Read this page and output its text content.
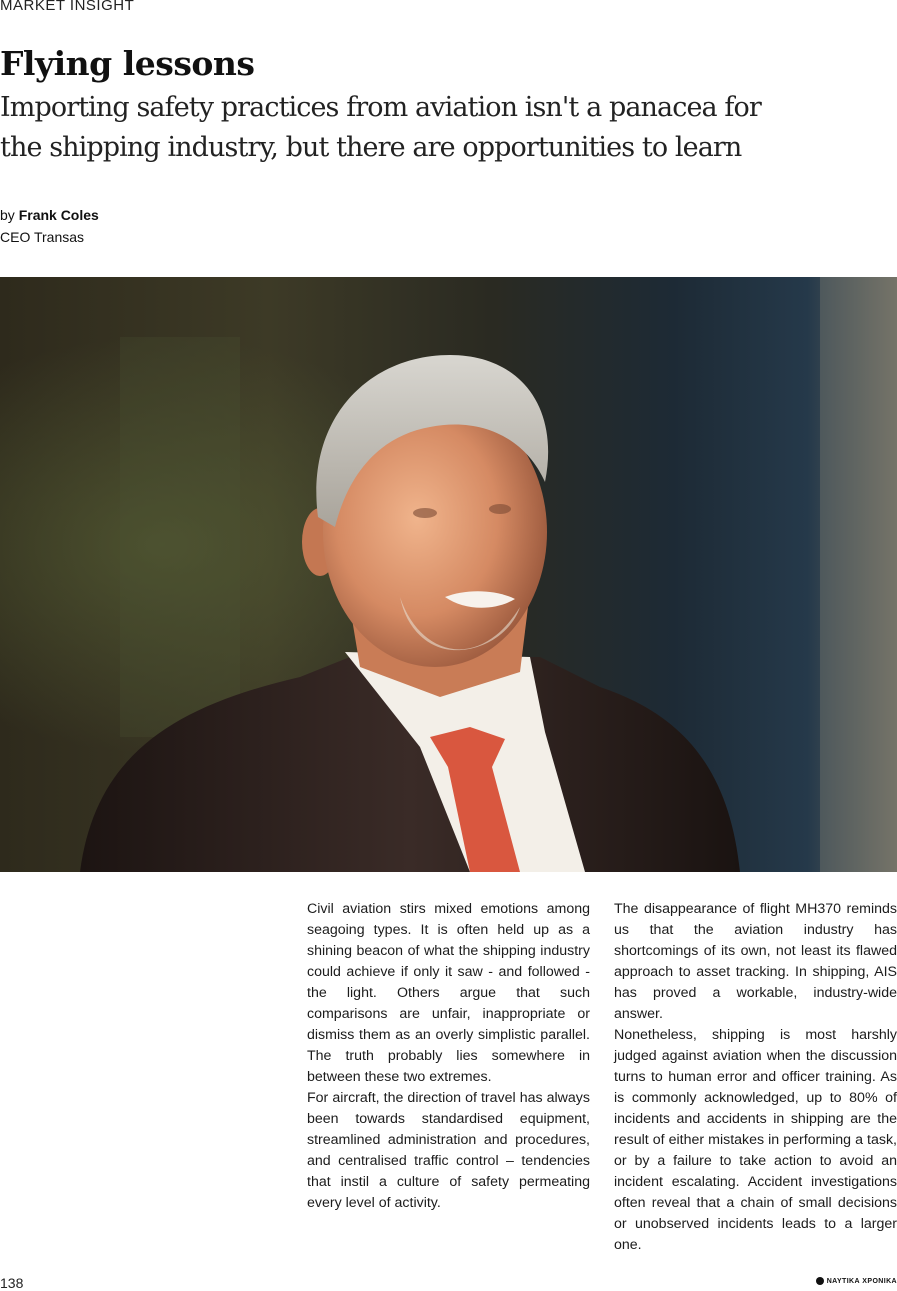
MARKET INSIGHT
Flying lessons
Importing safety practices from aviation isn't a panacea for the shipping industry, but there are opportunities to learn
by Frank Coles
CEO Transas

Civil aviation stirs mixed emotions among seagoing types. It is often held up as a shining beacon of what the shipping industry could achieve if only it saw - and followed - the light. Others argue that such comparisons are unfair, inappropriate or dismiss them as an overly simplistic parallel. The truth probably lies somewhere in between these two extremes.

For aircraft, the direction of travel has always been towards standardised equipment, streamlined administration and procedures, and centralised traffic control – tendencies that instil a culture of safety permeating every level of activity.

The disappearance of flight MH370 reminds us that the aviation industry has shortcomings of its own, not least its flawed approach to asset tracking. In shipping, AIS has proved a workable, industry-wide answer.

Nonetheless, shipping is most harshly judged against aviation when the discussion turns to human error and officer training. As is commonly acknowledged, up to 80% of incidents and accidents in shipping are the result of either mistakes in performing a task, or by a failure to take action to avoid an incident escalating. Accident investigations often reveal that a chain of small decisions or unobserved incidents leads to a larger one.

138	ΝΑΥΤΙΚΑ ΧΡΟΝΙΚΑ
